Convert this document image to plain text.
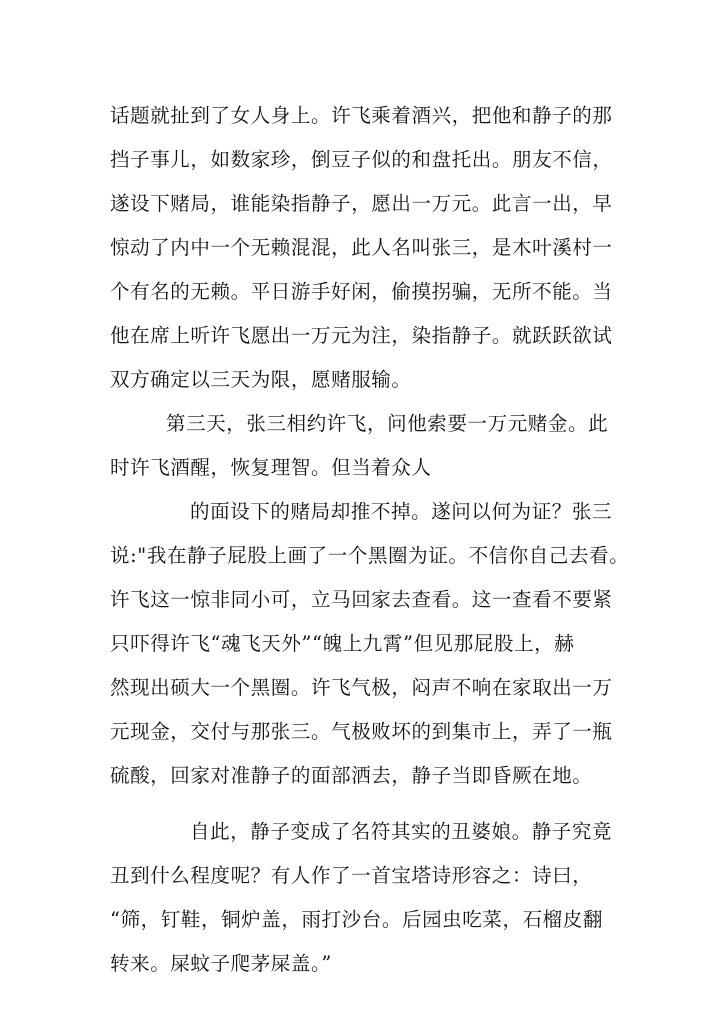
话题就扯到了女人身上。许飞乘着酒兴，把他和静子的那
挡子事儿，如数家珍，倒豆子似的和盘托出。朋友不信，
遂设下赌局，谁能染指静子，愿出一万元。此言一出，早
惊动了内中一个无赖混混，此人名叫张三，是木叶溪村一
个有名的无赖。平日游手好闲，偷摸拐骗，无所不能。当
他在席上听许飞愿出一万元为注，染指静子。就跃跃欲试
双方确定以三天为限，愿赌服输。
第三天，张三相约许飞，问他索要一万元赌金。此
时许飞酒醒，恢复理智。但当着众人
的面设下的赌局却推不掉。遂问以何为证？张三
说:"我在静子屁股上画了一个黑圈为证。不信你自己去看。
许飞这一惊非同小可，立马回家去查看。这一查看不要紧
只吓得许飞“魂飞天外”“魄上九霄”但见那屁股上，赫
然现出硕大一个黑圈。许飞气极，闷声不响在家取出一万
元现金，交付与那张三。气极败坏的到集市上，弄了一瓶
硫酸，回家对准静子的面部洒去，静子当即昏厥在地。
自此，静子变成了名符其实的丑婆娘。静子究竟
丑到什么程度呢？有人作了一首宝塔诗形容之：诗曰，
“筛，钉鞋，铜炉盖，雨打沙台。后园虫吃菜，石榴皮翻
转来。屎蚊子爬茅屎盖。”
